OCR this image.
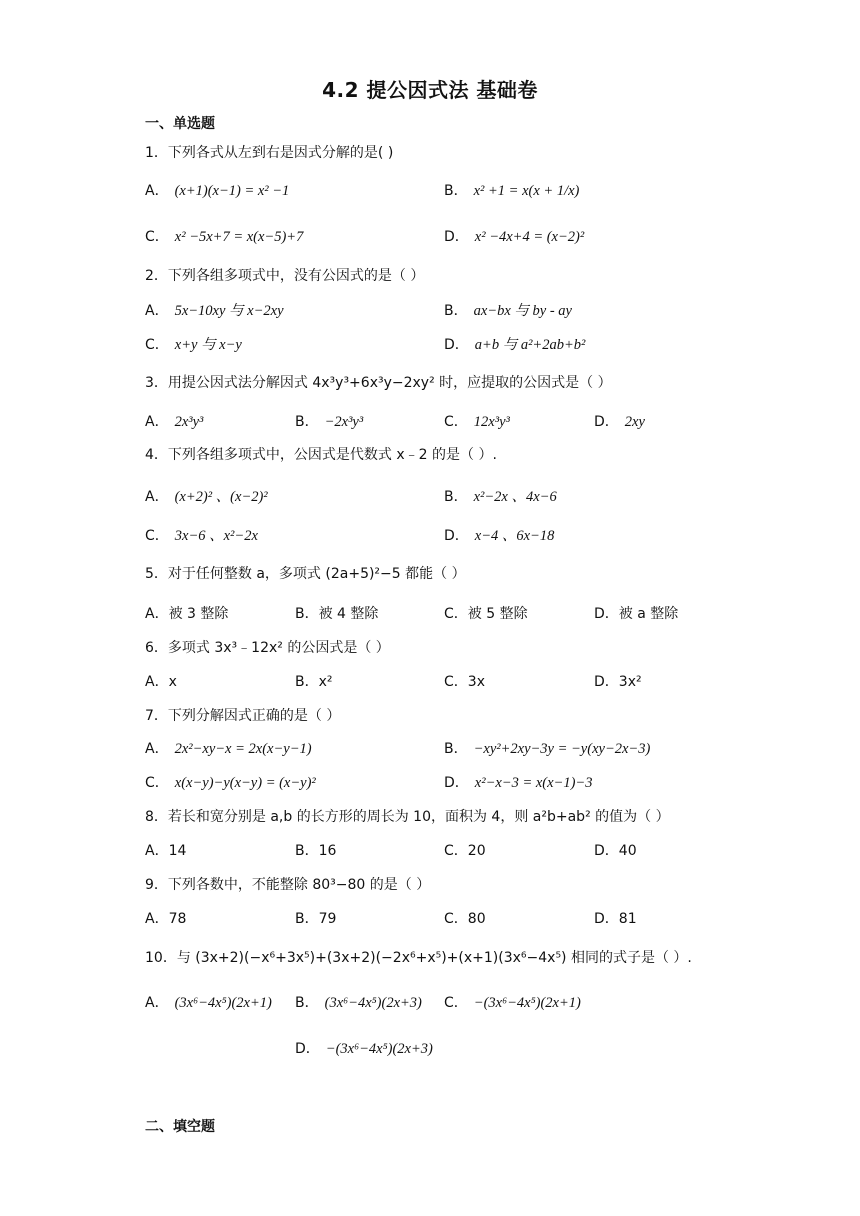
4.2 提公因式法 基础卷
一、单选题
1．下列各式从左到右是因式分解的是( )
A． (x+1)(x−1) = x² −1	B． x² +1 = x(x + 1/x)
C． x² −5x+7 = x(x−5)+7	D． x² −4x+4 = (x−2)²
2．下列各组多项式中，没有公因式的是（ ）
A． 5x−10xy 与 x−2xy	B． ax−bx 与 by - ay
C． x+y 与 x−y	D． a+b 与 a²+2ab+b²
3．用提公因式法分解因式 4x³y³+6x³y−2xy² 时，应提取的公因式是（ ）
A． 2x³y³	B． −2x³y³	C． 12x³y³	D． 2xy
4．下列各组多项式中，公因式是代数式 x﹣2 的是（ ）.
A． (x+2)² 、(x−2)²	B． x²−2x 、4x−6
C． 3x−6 、x²−2x	D． x−4 、6x−18
5．对于任何整数 a，多项式 (2a+5)²−5 都能（ ）
A．被 3 整除	B．被 4 整除	C．被 5 整除	D．被 a 整除
6．多项式 3x³﹣12x² 的公因式是（ ）
A．x	B．x²	C．3x	D．3x²
7．下列分解因式正确的是（ ）
A． 2x²−xy−x = 2x(x−y−1)	B． −xy²+2xy−3y = −y(xy−2x−3)
C． x(x−y)−y(x−y) = (x−y)²	D． x²−x−3 = x(x−1)−3
8．若长和宽分别是 a,b 的长方形的周长为 10，面积为 4，则 a²b+ab² 的值为（ ）
A．14	B．16	C．20	D．40
9．下列各数中，不能整除 80³−80 的是（ ）
A．78	B．79	C．80	D．81
10．与 (3x+2)(−x⁶+3x⁵)+(3x+2)(−2x⁶+x⁵)+(x+1)(3x⁶−4x⁵) 相同的式子是（ ）.
A． (3x⁶−4x⁵)(2x+1) B． (3x⁶−4x⁵)(2x+3) C． −(3x⁶−4x⁵)(2x+1)
D． −(3x⁶−4x⁵)(2x+3)
二、填空题
